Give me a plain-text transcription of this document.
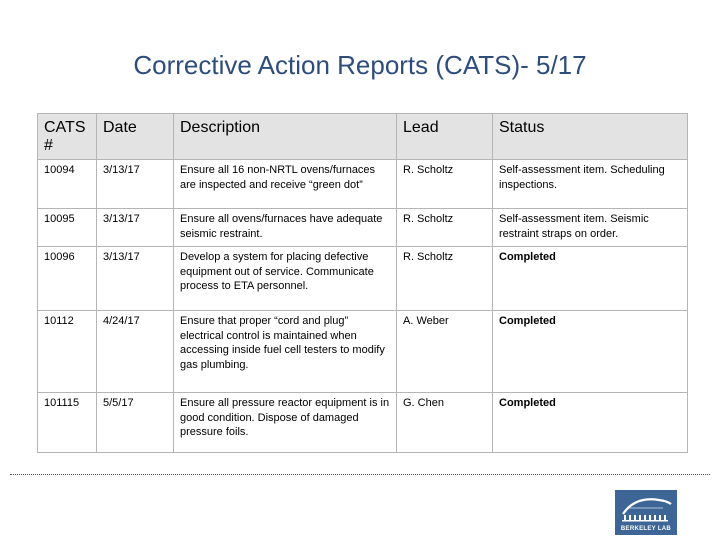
Corrective Action Reports (CATS)- 5/17
CATS #	Date	Description	Lead	Status
10094	3/13/17	Ensure all 16 non-NRTL ovens/furnaces are inspected and receive “green dot”	R. Scholtz	Self-assessment item. Scheduling inspections.
10095	3/13/17	Ensure all ovens/furnaces have adequate seismic restraint.	R. Scholtz	Self-assessment item. Seismic restraint straps on order.
10096	3/13/17	Develop a system for placing defective equipment out of service. Communicate process to ETA personnel.	R. Scholtz	Completed
10112	4/24/17	Ensure that proper “cord and plug” electrical control is maintained when accessing inside fuel cell testers to modify gas plumbing.	A. Weber	Completed
101115	5/5/17	Ensure all pressure reactor equipment is in good condition. Dispose of damaged pressure foils.	G. Chen	Completed
BERKELEY LAB
